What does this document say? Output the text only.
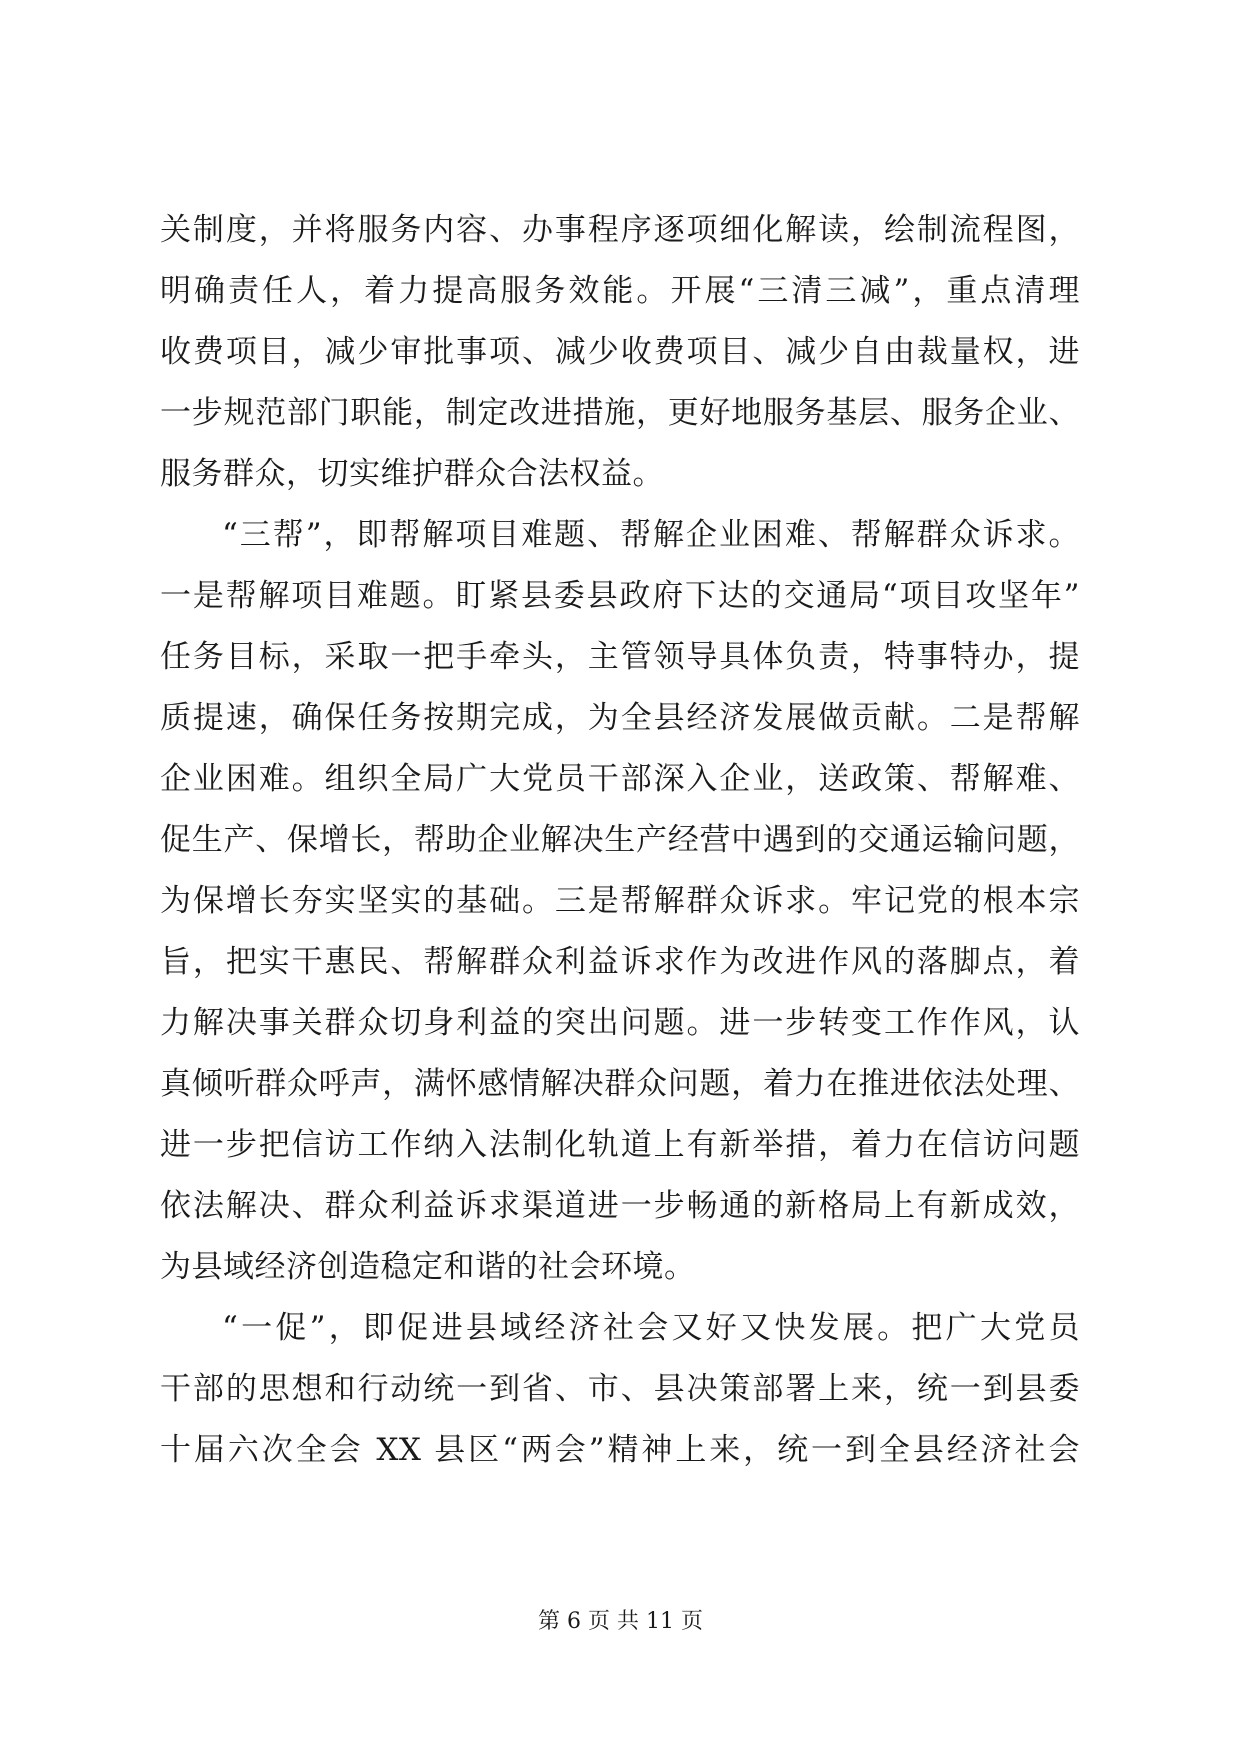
关制度，并将服务内容、办事程序逐项细化解读，绘制流程图，
明确责任人，着力提高服务效能。开展“三清三减”，重点清理
收费项目，减少审批事项、减少收费项目、减少自由裁量权，进
一步规范部门职能，制定改进措施，更好地服务基层、服务企业、
服务群众，切实维护群众合法权益。
“三帮”，即帮解项目难题、帮解企业困难、帮解群众诉求。
一是帮解项目难题。盯紧县委县政府下达的交通局“项目攻坚年”
任务目标，采取一把手牵头，主管领导具体负责，特事特办，提
质提速，确保任务按期完成，为全县经济发展做贡献。二是帮解
企业困难。组织全局广大党员干部深入企业，送政策、帮解难、
促生产、保增长，帮助企业解决生产经营中遇到的交通运输问题，
为保增长夯实坚实的基础。三是帮解群众诉求。牢记党的根本宗
旨，把实干惠民、帮解群众利益诉求作为改进作风的落脚点，着
力解决事关群众切身利益的突出问题。进一步转变工作作风，认
真倾听群众呼声，满怀感情解决群众问题，着力在推进依法处理、
进一步把信访工作纳入法制化轨道上有新举措，着力在信访问题
依法解决、群众利益诉求渠道进一步畅通的新格局上有新成效，
为县域经济创造稳定和谐的社会环境。
“一促”，即促进县域经济社会又好又快发展。把广大党员
干部的思想和行动统一到省、市、县决策部署上来，统一到县委
十届六次全会 XX 县区“两会”精神上来，统一到全县经济社会
第 6 页 共 11 页
